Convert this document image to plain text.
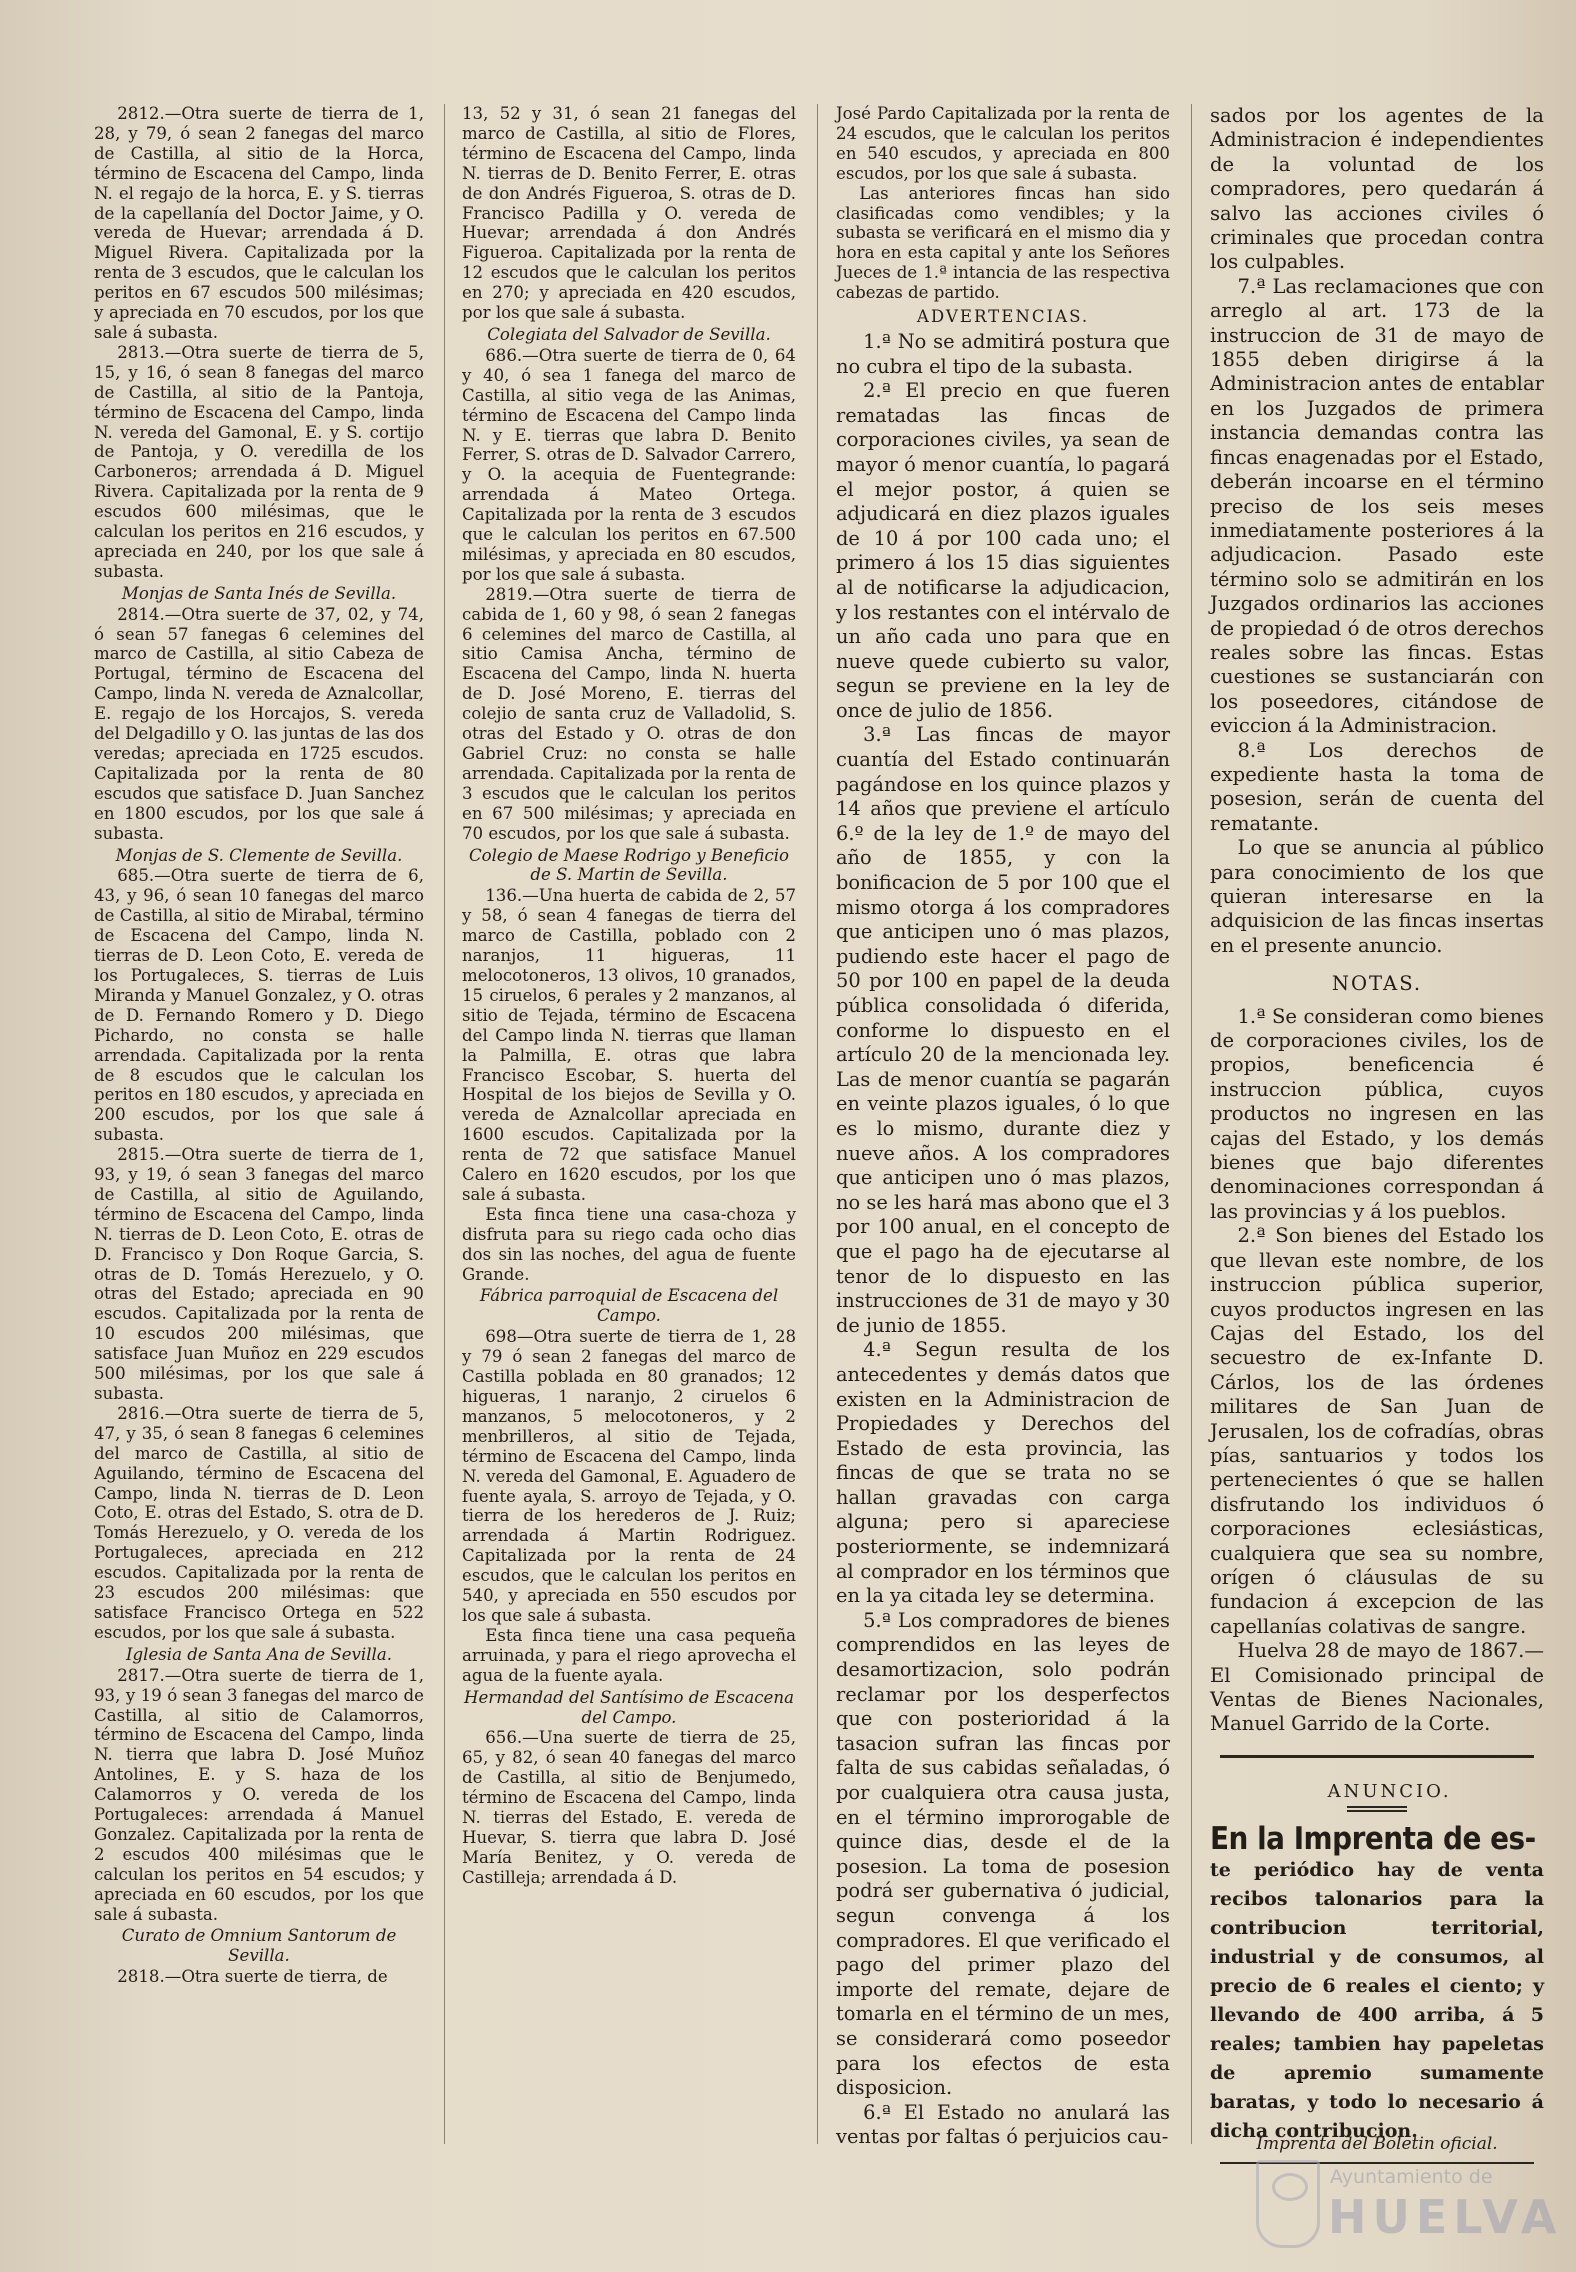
2812.—Otra suerte de tierra de 1, 28, y 79, ó sean 2 fanegas del marco de Castilla, al sitio de la Horca, término de Escacena del Campo, linda N. el regajo de la horca, E. y S. tierras de la capellanía del Doctor Jaime, y O. vereda de Huevar; arrendada á D. Miguel Rivera. Capitalizada por la renta de 3 escudos, que le calculan los peritos en 67 escudos 500 milésimas; y apreciada en 70 escudos, por los que sale á subasta.

2813.—Otra suerte de tierra de 5, 15, y 16, ó sean 8 fanegas del marco de Castilla, al sitio de la Pantoja, término de Escacena del Campo, linda N. vereda del Gamonal, E. y S. cortijo de Pantoja, y O. veredilla de los Carboneros; arrendada á D. Miguel Rivera. Capitalizada por la renta de 9 escudos 600 milésimas, que le calculan los peritos en 216 escudos, y apreciada en 240, por los que sale á subasta.

Monjas de Santa Inés de Sevilla.

2814.—Otra suerte de 37, 02, y 74, ó sean 57 fanegas 6 celemines del marco de Castilla, al sitio Cabeza de Portugal, término de Escacena del Campo, linda N. vereda de Aznalcollar, E. regajo de los Horcajos, S. vereda del Delgadillo y O. las juntas de las dos veredas; apreciada en 1725 escudos. Capitalizada por la renta de 80 escudos que satisface D. Juan Sanchez en 1800 escudos, por los que sale á subasta.

Monjas de S. Clemente de Sevilla.

685.—Otra suerte de tierra de 6, 43, y 96, ó sean 10 fanegas del marco de Castilla, al sitio de Mirabal, término de Escacena del Campo, linda N. tierras de D. Leon Coto, E. vereda de los Portugaleces, S. tierras de Luis Miranda y Manuel Gonzalez, y O. otras de D. Fernando Romero y D. Diego Pichardo, no consta se halle arrendada. Capitalizada por la renta de 8 escudos que le calculan los peritos en 180 escudos, y apreciada en 200 escudos, por los que sale á subasta.

2815.—Otra suerte de tierra de 1, 93, y 19, ó sean 3 fanegas del marco de Castilla, al sitio de Aguilando, término de Escacena del Campo, linda N. tierras de D. Leon Coto, E. otras de D. Francisco y Don Roque Garcia, S. otras de D. Tomás Herezuelo, y O. otras del Estado; apreciada en 90 escudos. Capitalizada por la renta de 10 escudos 200 milésimas, que satisface Juan Muñoz en 229 escudos 500 milésimas, por los que sale á subasta.

2816.—Otra suerte de tierra de 5, 47, y 35, ó sean 8 fanegas 6 celemines del marco de Castilla, al sitio de Aguilando, término de Escacena del Campo, linda N. tierras de D. Leon Coto, E. otras del Estado, S. otra de D. Tomás Herezuelo, y O. vereda de los Portugaleces, apreciada en 212 escudos. Capitalizada por la renta de 23 escudos 200 milésimas: que satisface Francisco Ortega en 522 escudos, por los que sale á subasta.

Iglesia de Santa Ana de Sevilla.

2817.—Otra suerte de tierra de 1, 93, y 19 ó sean 3 fanegas del marco de Castilla, al sitio de Calamorros, término de Escacena del Campo, linda N. tierra que labra D. José Muñoz Antolines, E. y S. haza de los Calamorros y O. vereda de los Portugaleces: arrendada á Manuel Gonzalez. Capitalizada por la renta de 2 escudos 400 milésimas que le calculan los peritos en 54 escudos; y apreciada en 60 escudos, por los que sale á subasta.

Curato de Omnium Santorum de Sevilla.

2818.—Otra suerte de tierra, de

13, 52 y 31, ó sean 21 fanegas del marco de Castilla, al sitio de Flores, término de Escacena del Campo, linda N. tierras de D. Benito Ferrer, E. otras de don Andrés Figueroa, S. otras de D. Francisco Padilla y O. vereda de Huevar; arrendada á don Andrés Figueroa. Capitalizada por la renta de 12 escudos que le calculan los peritos en 270; y apreciada en 420 escudos, por los que sale á subasta.

Colegiata del Salvador de Sevilla.

686.—Otra suerte de tierra de 0, 64 y 40, ó sea 1 fanega del marco de Castilla, al sitio vega de las Animas, término de Escacena del Campo linda N. y E. tierras que labra D. Benito Ferrer, S. otras de D. Salvador Carrero, y O. la acequia de Fuentegrande: arrendada á Mateo Ortega. Capitalizada por la renta de 3 escudos que le calculan los peritos en 67.500 milésimas, y apreciada en 80 escudos, por los que sale á subasta.

2819.—Otra suerte de tierra de cabida de 1, 60 y 98, ó sean 2 fanegas 6 celemines del marco de Castilla, al sitio Camisa Ancha, término de Escacena del Campo, linda N. huerta de D. José Moreno, E. tierras del colejio de santa cruz de Valladolid, S. otras del Estado y O. otras de don Gabriel Cruz: no consta se halle arrendada. Capitalizada por la renta de 3 escudos que le calculan los peritos en 67 500 milésimas; y apreciada en 70 escudos, por los que sale á subasta.

Colegio de Maese Rodrigo y Beneficio de S. Martin de Sevilla.

136.—Una huerta de cabida de 2, 57 y 58, ó sean 4 fanegas de tierra del marco de Castilla, poblado con 2 naranjos, 11 higueras, 11 melocotoneros, 13 olivos, 10 granados, 15 ciruelos, 6 perales y 2 manzanos, al sitio de Tejada, término de Escacena del Campo linda N. tierras que llaman la Palmilla, E. otras que labra Francisco Escobar, S. huerta del Hospital de los biejos de Sevilla y O. vereda de Aznalcollar apreciada en 1600 escudos. Capitalizada por la renta de 72 que satisface Manuel Calero en 1620 escudos, por los que sale á subasta.

Esta finca tiene una casa-choza y disfruta para su riego cada ocho dias dos sin las noches, del agua de fuente Grande.

Fábrica parroquial de Escacena del Campo.

698—Otra suerte de tierra de 1, 28 y 79 ó sean 2 fanegas del marco de Castilla poblada en 80 granados; 12 higueras, 1 naranjo, 2 ciruelos 6 manzanos, 5 melocotoneros, y 2 menbrilleros, al sitio de Tejada, término de Escacena del Campo, linda N. vereda del Gamonal, E. Aguadero de fuente ayala, S. arroyo de Tejada, y O. tierra de los herederos de J. Ruiz; arrendada á Martin Rodriguez. Capitalizada por la renta de 24 escudos, que le calculan los peritos en 540, y apreciada en 550 escudos por los que sale á subasta.

Esta finca tiene una casa pequeña arruinada, y para el riego aprovecha el agua de la fuente ayala.

Hermandad del Santísimo de Escacena del Campo.

656.—Una suerte de tierra de 25, 65, y 82, ó sean 40 fanegas del marco de Castilla, al sitio de Benjumedo, término de Escacena del Campo, linda N. tierras del Estado, E. vereda de Huevar, S. tierra que labra D. José María Benitez, y O. vereda de Castilleja; arrendada á D.

José Pardo Capitalizada por la renta de 24 escudos, que le calculan los peritos en 540 escudos, y apreciada en 800 escudos, por los que sale á subasta.

Las anteriores fincas han sido clasificadas como vendibles; y la subasta se verificará en el mismo dia y hora en esta capital y ante los Señores Jueces de 1.ª intancia de las respectiva cabezas de partido.

ADVERTENCIAS.

1.ª No se admitirá postura que no cubra el tipo de la subasta.

2.ª El precio en que fueren rematadas las fincas de corporaciones civiles, ya sean de mayor ó menor cuantía, lo pagará el mejor postor, á quien se adjudicará en diez plazos iguales de 10 á por 100 cada uno; el primero á los 15 dias siguientes al de notificarse la adjudicacion, y los restantes con el intérvalo de un año cada uno para que en nueve quede cubierto su valor, segun se previene en la ley de once de julio de 1856.

3.ª Las fincas de mayor cuantía del Estado continuarán pagándose en los quince plazos y 14 años que previene el artículo 6.º de la ley de 1.º de mayo del año de 1855, y con la bonificacion de 5 por 100 que el mismo otorga á los compradores que anticipen uno ó mas plazos, pudiendo este hacer el pago de 50 por 100 en papel de la deuda pública consolidada ó diferida, conforme lo dispuesto en el artículo 20 de la mencionada ley. Las de menor cuantía se pagarán en veinte plazos iguales, ó lo que es lo mismo, durante diez y nueve años. A los compradores que anticipen uno ó mas plazos, no se les hará mas abono que el 3 por 100 anual, en el concepto de que el pago ha de ejecutarse al tenor de lo dispuesto en las instrucciones de 31 de mayo y 30 de junio de 1855.

4.ª Segun resulta de los antecedentes y demás datos que existen en la Administracion de Propiedades y Derechos del Estado de esta provincia, las fincas de que se trata no se hallan gravadas con carga alguna; pero si apareciese posteriormente, se indemnizará al comprador en los términos que en la ya citada ley se determina.

5.ª Los compradores de bienes comprendidos en las leyes de desamortizacion, solo podrán reclamar por los desperfectos que con posterioridad á la tasacion sufran las fincas por falta de sus cabidas señaladas, ó por cualquiera otra causa justa, en el término improrogable de quince dias, desde el de la posesion. La toma de posesion podrá ser gubernativa ó judicial, segun convenga á los compradores. El que verificado el pago del primer plazo del importe del remate, dejare de tomarla en el término de un mes, se considerará como poseedor para los efectos de esta disposicion.

6.ª El Estado no anulará las ventas por faltas ó perjuicios cau-

sados por los agentes de la Administracion é independientes de la voluntad de los compradores, pero quedarán á salvo las acciones civiles ó criminales que procedan contra los culpables.

7.ª Las reclamaciones que con arreglo al art. 173 de la instruccion de 31 de mayo de 1855 deben dirigirse á la Administracion antes de entablar en los Juzgados de primera instancia demandas contra las fincas enagenadas por el Estado, deberán incoarse en el término preciso de los seis meses inmediatamente posteriores á la adjudicacion. Pasado este término solo se admitirán en los Juzgados ordinarios las acciones de propiedad ó de otros derechos reales sobre las fincas. Estas cuestiones se sustanciarán con los poseedores, citándose de eviccion á la Administracion.

8.ª Los derechos de expediente hasta la toma de posesion, serán de cuenta del rematante.

Lo que se anuncia al público para conocimiento de los que quieran interesarse en la adquisicion de las fincas insertas en el presente anuncio.

NOTAS.

1.ª Se consideran como bienes de corporaciones civiles, los de propios, beneficencia é instruccion pública, cuyos productos no ingresen en las cajas del Estado, y los demás bienes que bajo diferentes denominaciones correspondan á las provincias y á los pueblos.

2.ª Son bienes del Estado los que llevan este nombre, de los instruccion pública superior, cuyos productos ingresen en las Cajas del Estado, los del secuestro de ex-Infante D. Cárlos, los de las órdenes militares de San Juan de Jerusalen, los de cofradías, obras pías, santuarios y todos los pertenecientes ó que se hallen disfrutando los individuos ó corporaciones eclesiásticas, cualquiera que sea su nombre, orígen ó cláusulas de su fundacion á excepcion de las capellanías colativas de sangre.

Huelva 28 de mayo de 1867.—El Comisionado principal de Ventas de Bienes Nacionales, Manuel Garrido de la Corte.

ANUNCIO.

En la Imprenta de es-

te periódico hay de venta recibos talonarios para la contribucion territorial, industrial y de consumos, al precio de 6 reales el ciento; y llevando de 400 arriba, á 5 reales; tambien hay papeletas de apremio sumamente baratas, y todo lo necesario á dicha contribucion.

Imprenta del Boletin oficial.
Ayuntamiento de
HUELVA
